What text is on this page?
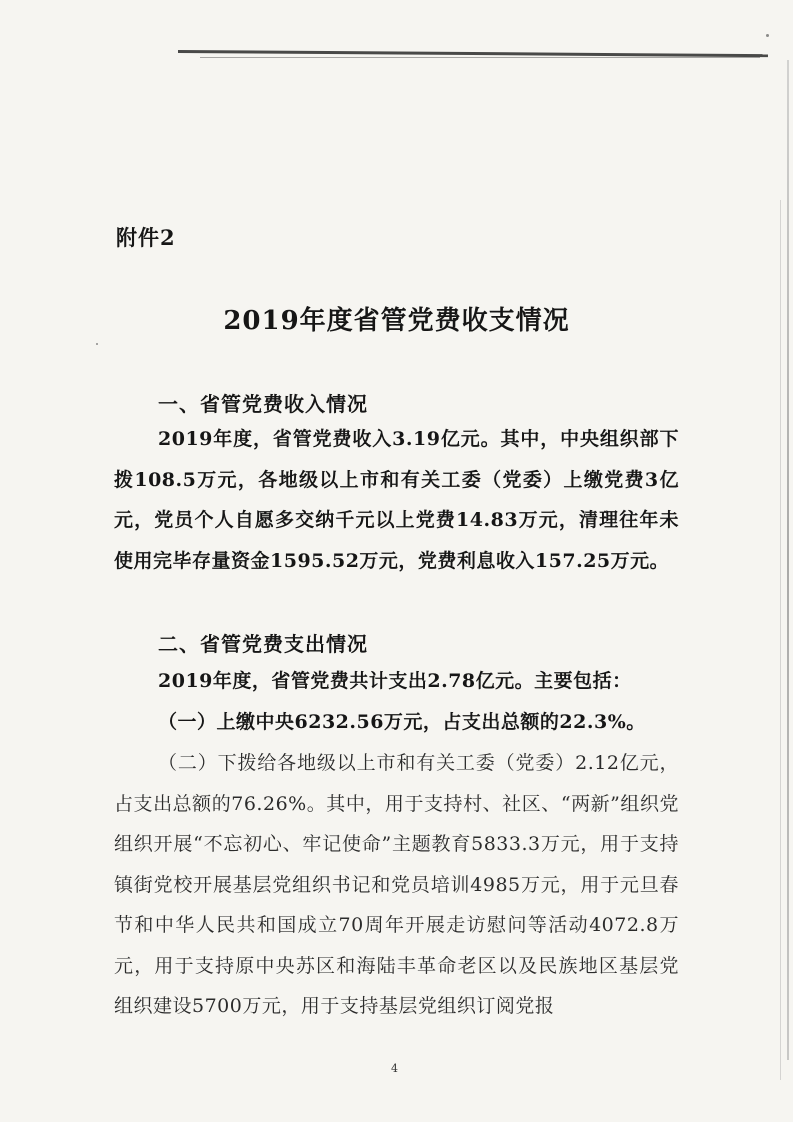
附件2
2019年度省管党费收支情况
一、省管党费收入情况
2019年度，省管党费收入3.19亿元。其中，中央组织部下拨108.5万元，各地级以上市和有关工委（党委）上缴党费3亿元，党员个人自愿多交纳千元以上党费14.83万元，清理往年未使用完毕存量资金1595.52万元，党费利息收入157.25万元。
二、省管党费支出情况
2019年度，省管党费共计支出2.78亿元。主要包括：
（一）上缴中央6232.56万元，占支出总额的22.3%。
（二）下拨给各地级以上市和有关工委（党委）2.12亿元，占支出总额的76.26%。其中，用于支持村、社区、“两新”组织党组织开展“不忘初心、牢记使命”主题教育5833.3万元，用于支持镇街党校开展基层党组织书记和党员培训4985万元，用于元旦春节和中华人民共和国成立70周年开展走访慰问等活动4072.8万元，用于支持原中央苏区和海陆丰革命老区以及民族地区基层党组织建设5700万元，用于支持基层党组织订阅党报
4
